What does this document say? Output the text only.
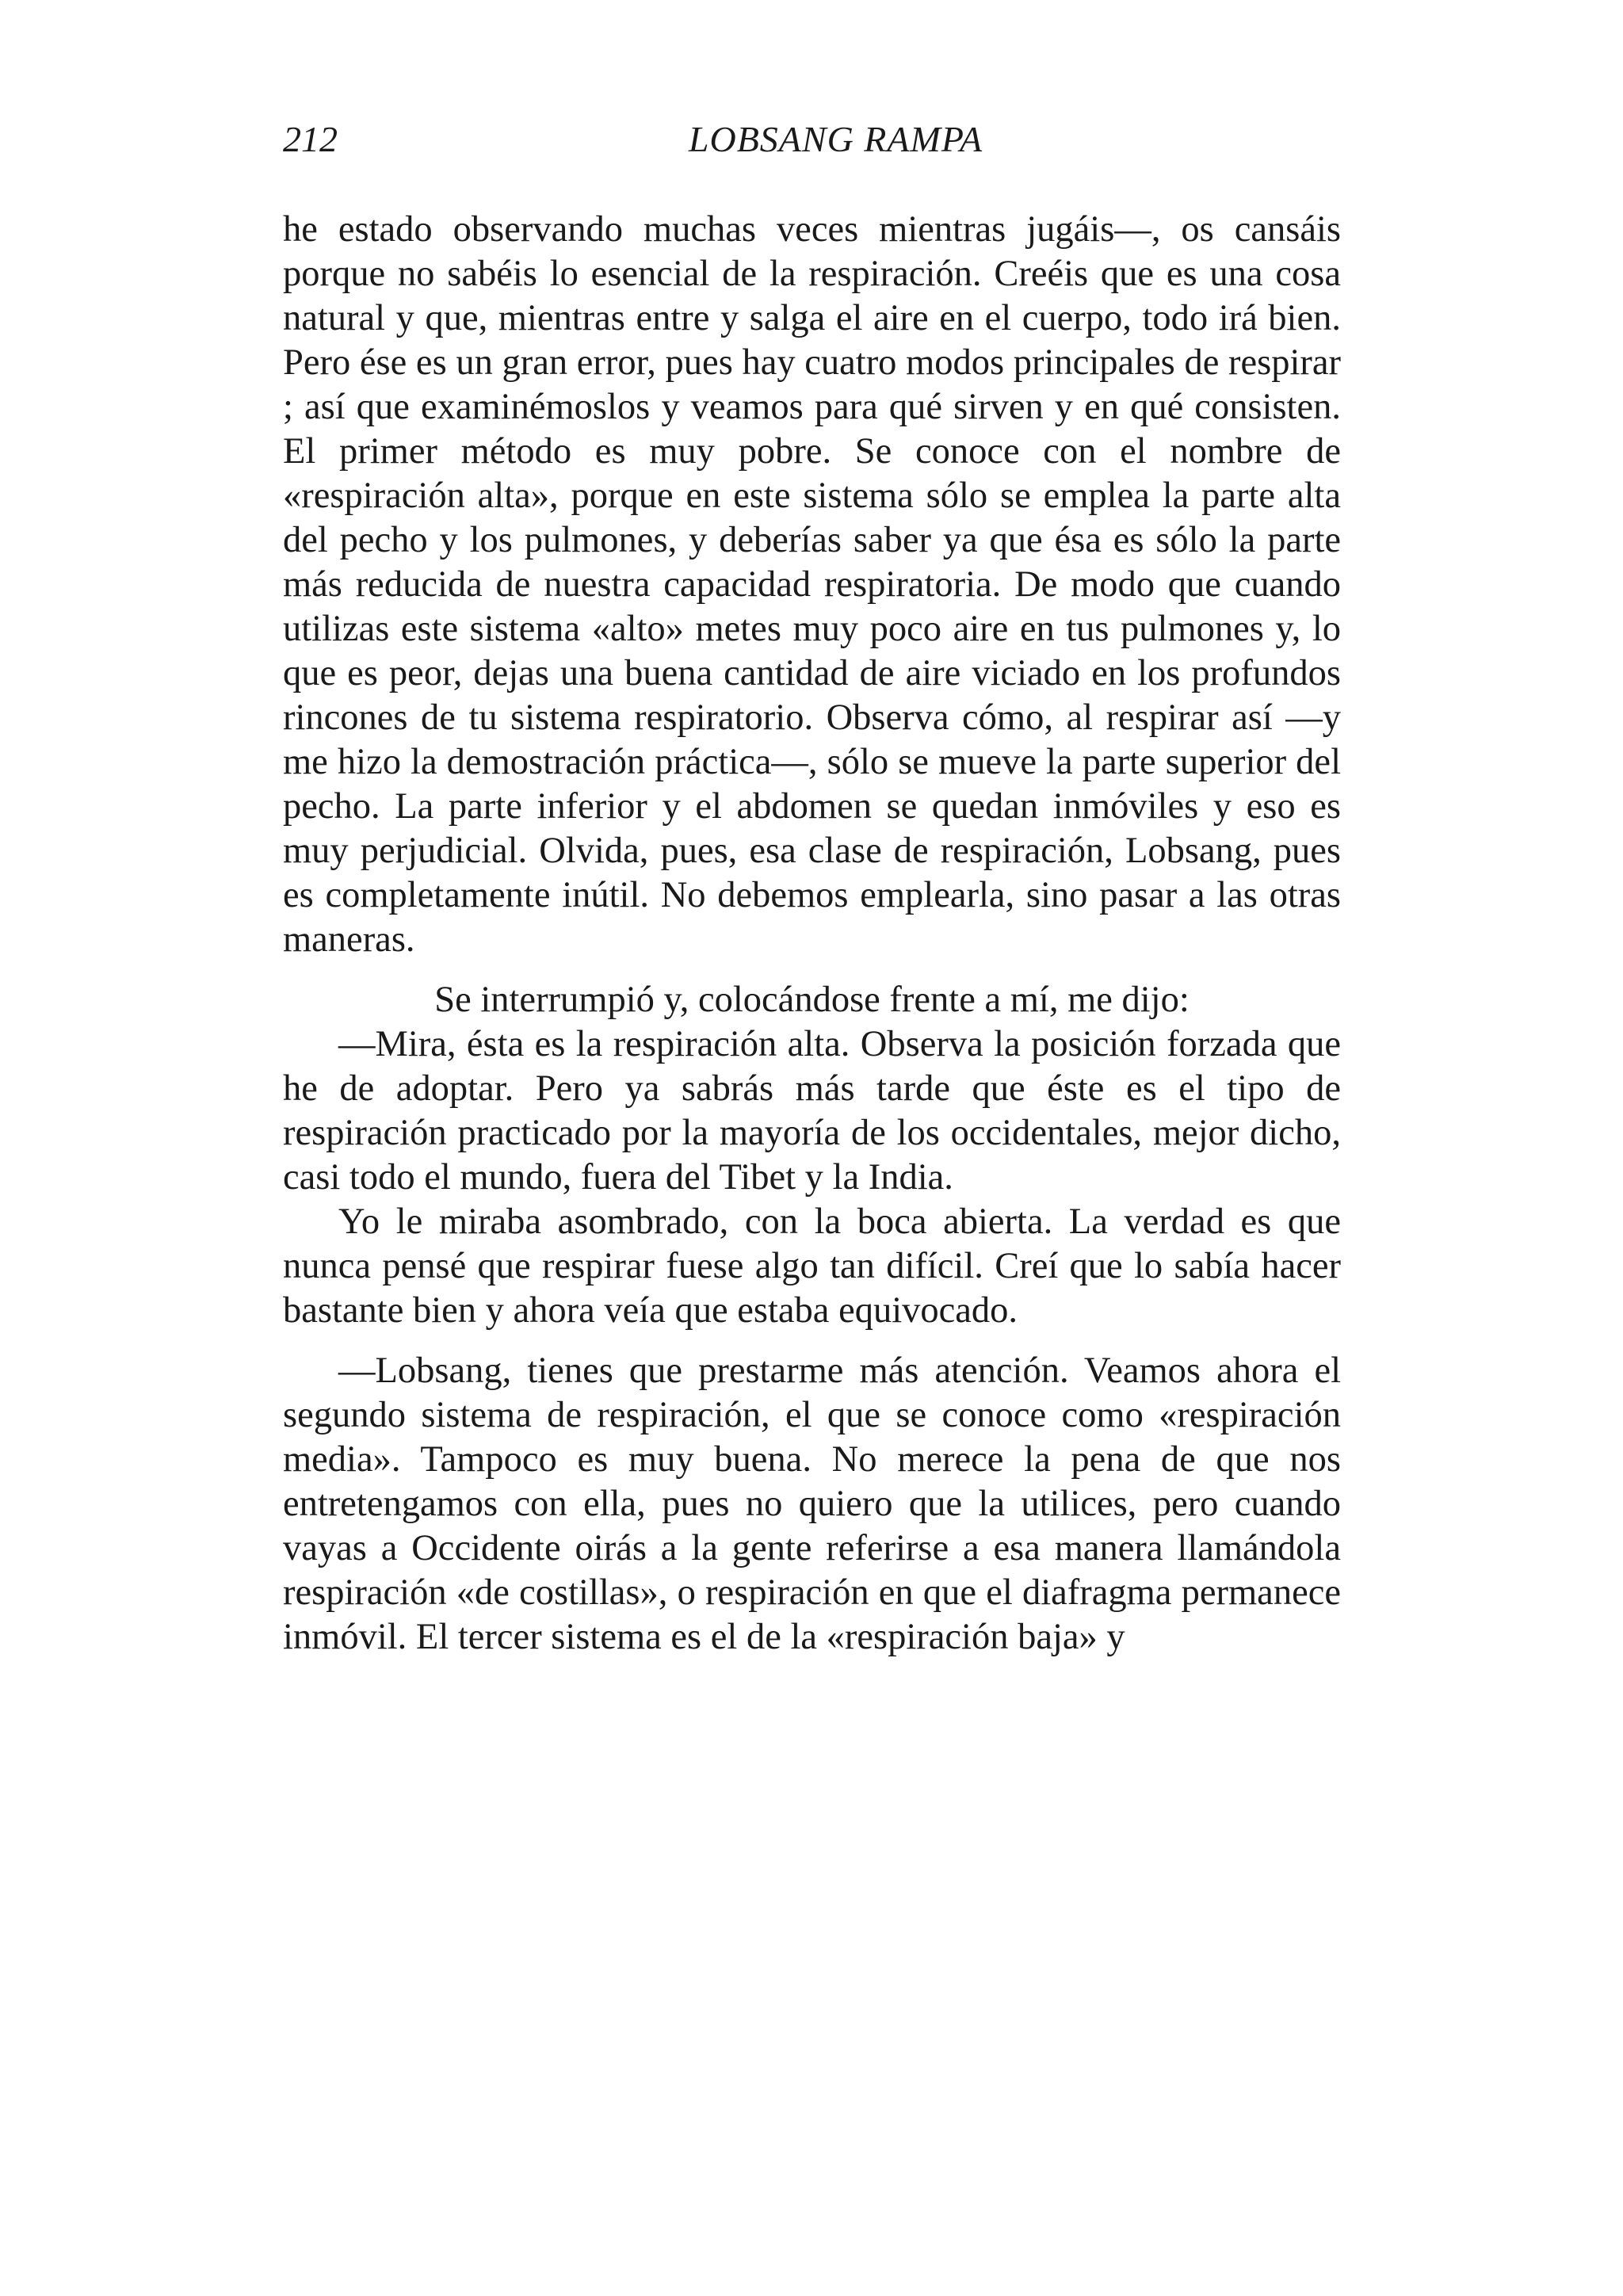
212	LOBSANG RAMPA

he estado observando muchas veces mientras jugáis—, os cansáis porque no sabéis lo esencial de la respiración. Creéis que es una cosa natural y que, mientras entre y salga el aire en el cuerpo, todo irá bien. Pero ése es un gran error, pues hay cuatro modos principales de respirar ; así que examinémoslos y veamos para qué sirven y en qué consisten. El primer método es muy pobre. Se conoce con el nombre de «respiración alta», porque en este sistema sólo se emplea la parte alta del pecho y los pulmones, y deberías saber ya que ésa es sólo la parte más reducida de nuestra capacidad respiratoria. De modo que cuando utilizas este sistema «alto» metes muy poco aire en tus pulmones y, lo que es peor, dejas una buena cantidad de aire viciado en los profundos rincones de tu sistema respiratorio. Observa cómo, al respirar así —y me hizo la demostración práctica—, sólo se mueve la parte superior del pecho. La parte inferior y el abdomen se quedan inmóviles y eso es muy perjudicial. Olvida, pues, esa clase de respiración, Lobsang, pues es completamente inútil. No debemos emplearla, sino pasar a las otras maneras.

Se interrumpió y, colocándose frente a mí, me dijo:

—Mira, ésta es la respiración alta. Observa la posición forzada que he de adoptar. Pero ya sabrás más tarde que éste es el tipo de respiración practicado por la mayoría de los occidentales, mejor dicho, casi todo el mundo, fuera del Tibet y la India.

Yo le miraba asombrado, con la boca abierta. La verdad es que nunca pensé que respirar fuese algo tan difícil. Creí que lo sabía hacer bastante bien y ahora veía que estaba equivocado.

—Lobsang, tienes que prestarme más atención. Veamos ahora el segundo sistema de respiración, el que se conoce como «respiración media». Tampoco es muy buena. No merece la pena de que nos entretengamos con ella, pues no quiero que la utilices, pero cuando vayas a Occidente oirás a la gente referirse a esa manera llamándola respiración «de costillas», o respiración en que el diafragma permanece inmóvil. El tercer sistema es el de la «respiración baja» y
